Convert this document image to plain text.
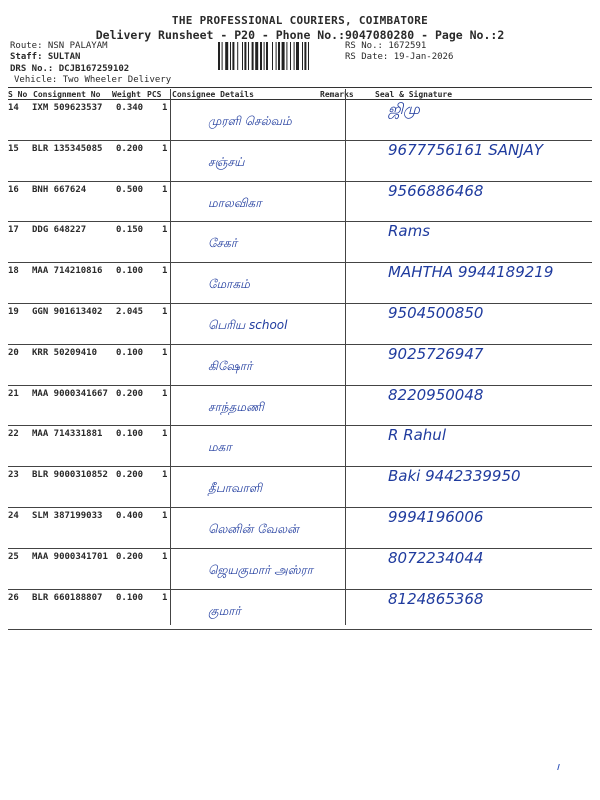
THE PROFESSIONAL COURIERS, COIMBATORE
Delivery Runsheet - P20 - Phone No.:9047080280 - Page No.:2
Route: NSN PALAYAM
Staff: SULTAN
DRS No.: DCJB167259102
Vehicle: Two Wheeler Delivery
RS No.: 1672591
RS Date: 19-Jan-2026
S No Consignment No Weight PCS Consignee Details	Remarks	Seal & Signature
14 IXM 509623537 0.340 1
முரளி செல்வம்
ஜிமு
15 BLR 135345085 0.200 1
சஞ்சய்
9677756161 SANJAY
16 BNH 667624	0.500 1
மாலவிகா
9566886468
17 DDG 648227	0.150 1
சேகர்
Rams
18 MAA 714210816 0.100 1
மோகம்
MAHTHA 9944189219
19 GGN 901613402 2.045 1
பெரிய school
9504500850
20 KRR 50209410 0.100 1
கிஷோர்
9025726947
21 MAA 9000341667 0.200 1
சாந்தமணி
8220950048
22 MAA 714331881 0.100 1
மகா
R Rahul
23 BLR 9000310852 0.200 1
தீபாவாளி
Baki 9442339950
24 SLM 387199033 0.400 1
லெனின் வேலன்
9994196006
25 MAA 9000341701 0.200 1
ஜெயகுமார் அஸ்ரா
8072234044
26 BLR 660188807 0.100 1
குமார்
8124865368
